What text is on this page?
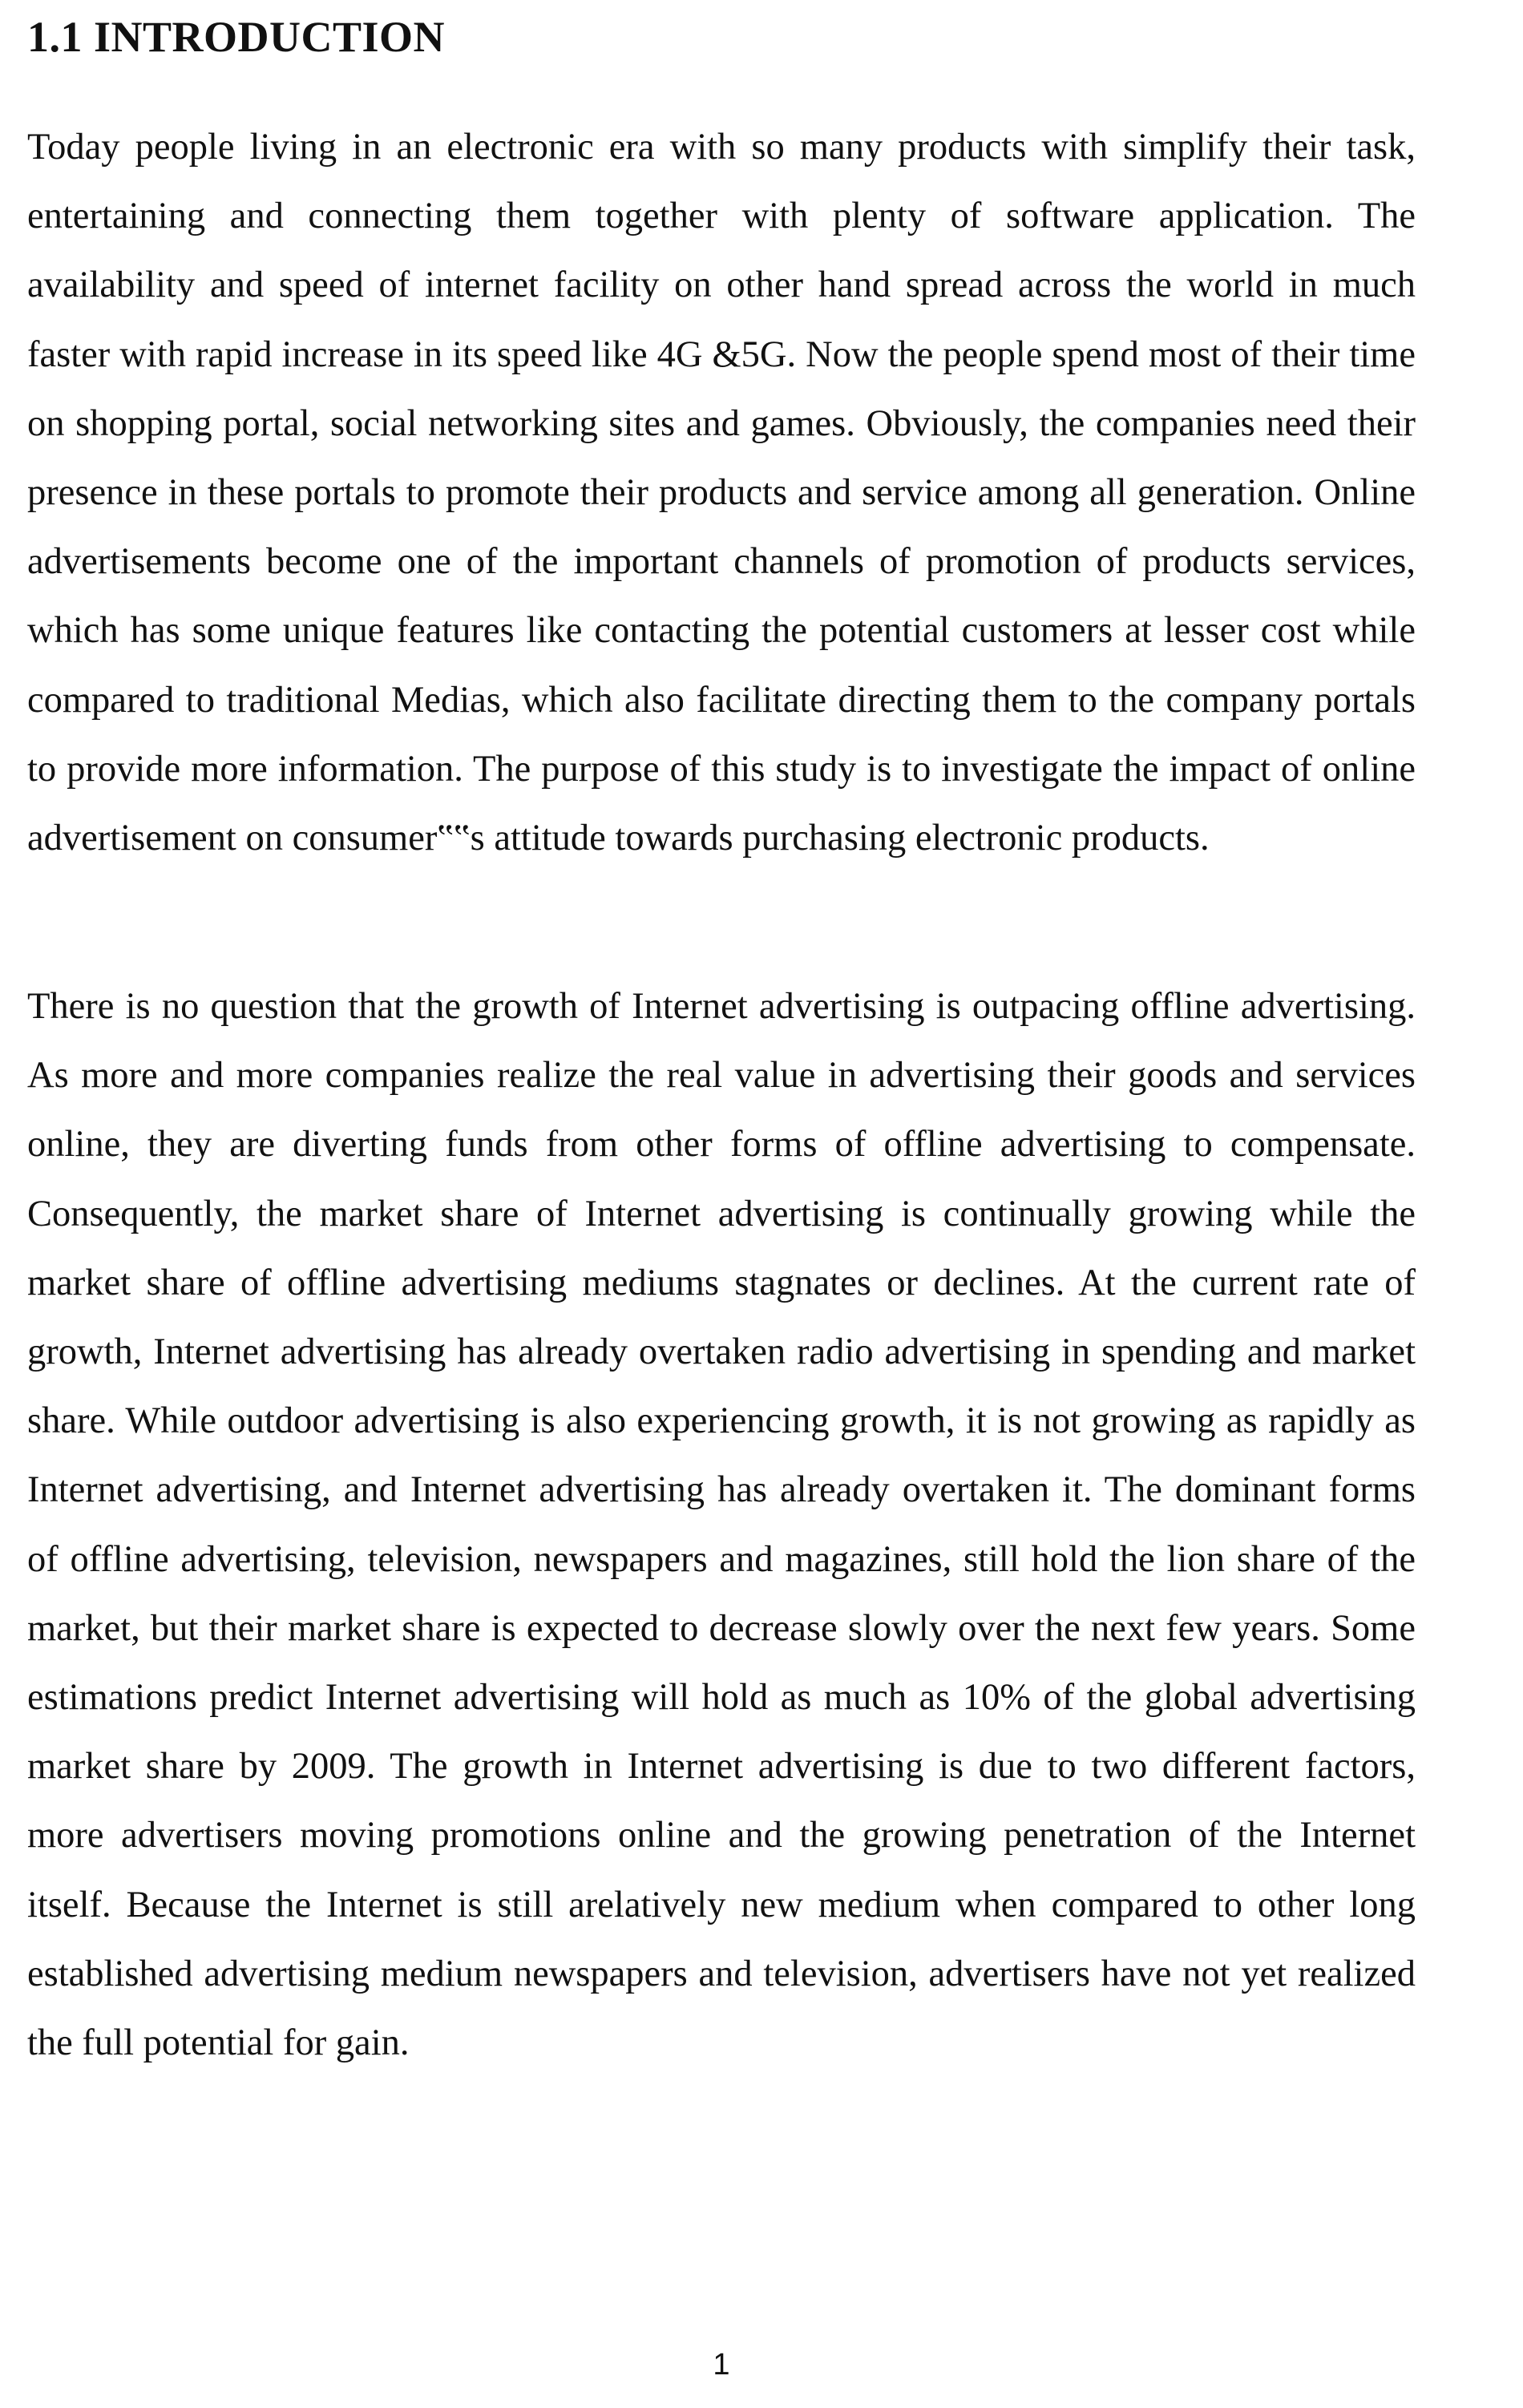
1.1 INTRODUCTION

Today people living in an electronic era with so many products with simplify their task, entertaining and connecting them together with plenty of software application. The availability and speed of internet facility on other hand spread across the world in much faster with rapid increase in its speed like 4G &5G. Now the people spend most of their time on shopping portal, social networking sites and games. Obviously, the companies need their presence in these portals to promote their products and service among all generation. Online advertisements become one of the important channels of promotion of products services, which has some unique features like contacting the potential customers at lesser cost while compared to traditional Medias, which also facilitate directing them to the company portals to provide more information. The purpose of this study is to investigate the impact of online advertisement on consumer‟‟s attitude towards purchasing electronic products.

There is no question that the growth of Internet advertising is outpacing offline advertising. As more and more companies realize the real value in advertising their goods and services online, they are diverting funds from other forms of offline advertising to compensate. Consequently, the market share of Internet advertising is continually growing while the market share of offline advertising mediums stagnates or declines. At the current rate of growth, Internet advertising has already overtaken radio advertising in spending and market share. While outdoor advertising is also experiencing growth, it is not growing as rapidly as Internet advertising, and Internet advertising has already overtaken it. The dominant forms of offline advertising, television, newspapers and magazines, still hold the lion share of the market, but their market share is expected to decrease slowly over the next few years. Some estimations predict Internet advertising will hold as much as 10% of the global advertising market share by 2009. The growth in Internet advertising is due to two different factors, more advertisers moving promotions online and the growing penetration of the Internet itself. Because the Internet is still arelatively new medium when compared to other long established advertising medium newspapers and television, advertisers have not yet realized the full potential for gain.

1
